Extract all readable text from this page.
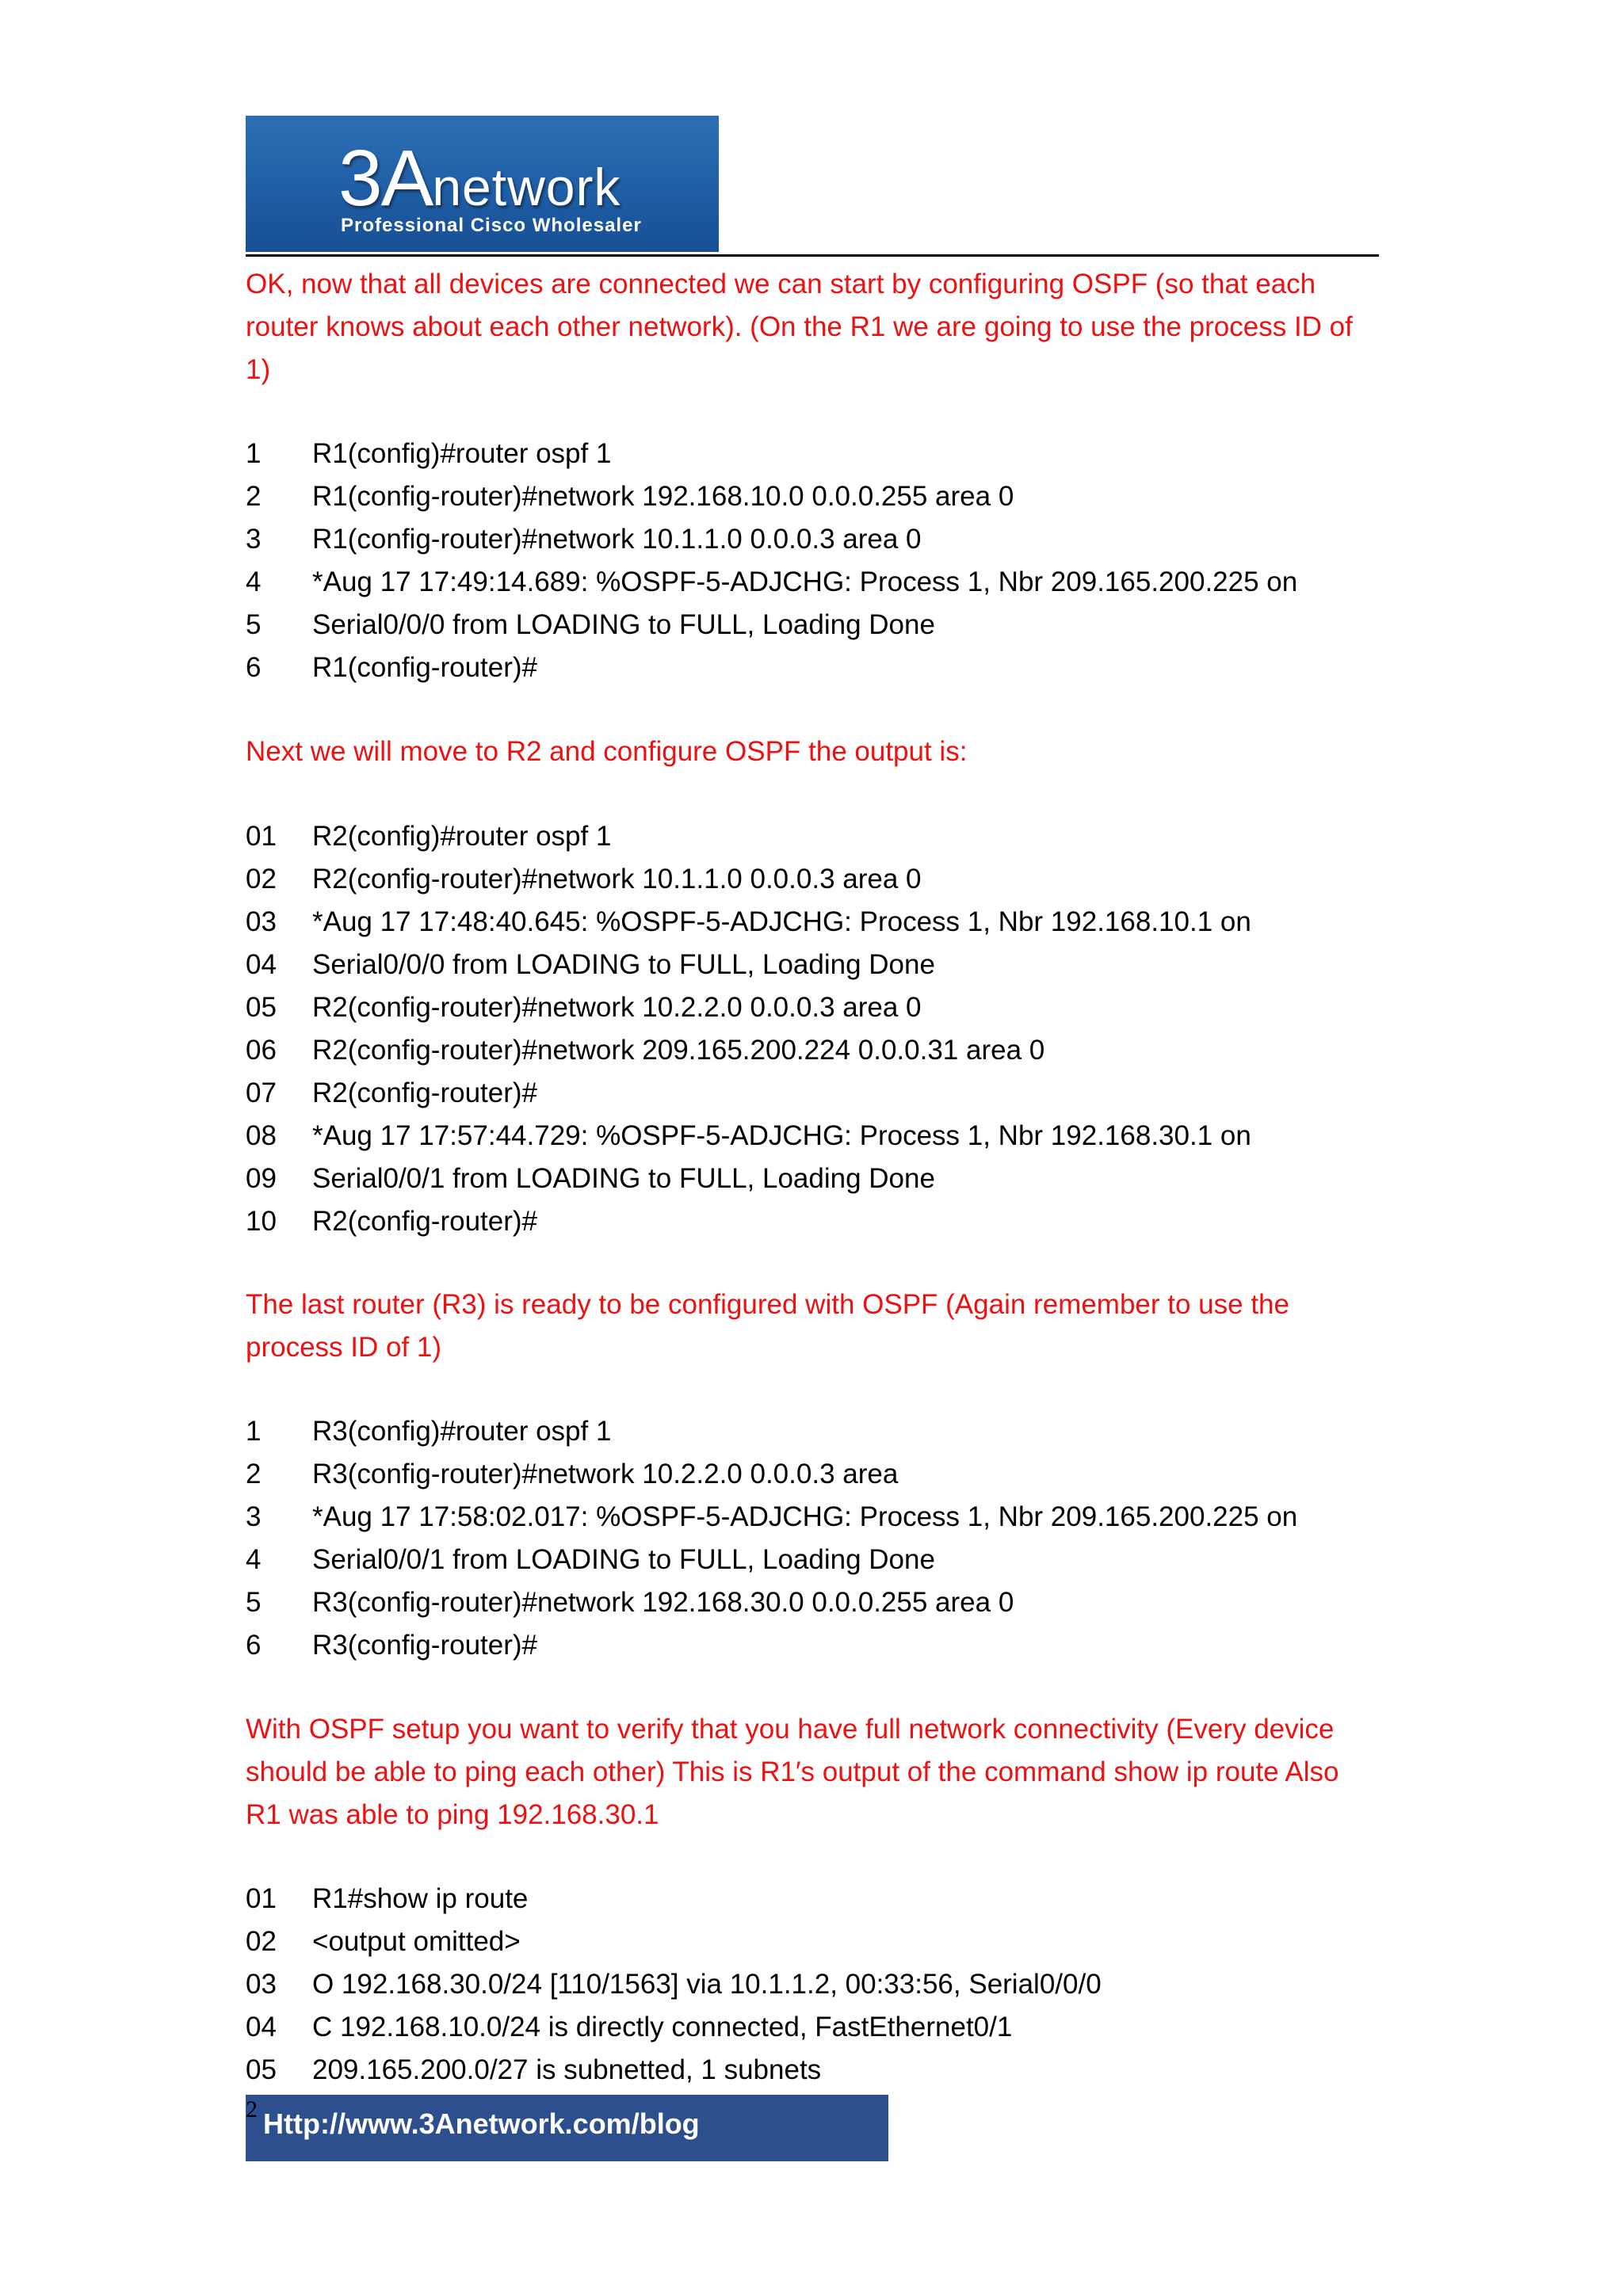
3Anetwork
Professional Cisco Wholesaler

OK, now that all devices are connected we can start by configuring OSPF (so that each router knows about each other network). (On the R1 we are going to use the process ID of 1)

1 R1(config)#router ospf 1
2 R1(config-router)#network 192.168.10.0 0.0.0.255 area 0
3 R1(config-router)#network 10.1.1.0 0.0.0.3 area 0
4 *Aug 17 17:49:14.689: %OSPF-5-ADJCHG: Process 1, Nbr 209.165.200.225 on
5 Serial0/0/0 from LOADING to FULL, Loading Done
6 R1(config-router)#

Next we will move to R2 and configure OSPF the output is:

01 R2(config)#router ospf 1
02 R2(config-router)#network 10.1.1.0 0.0.0.3 area 0
03 *Aug 17 17:48:40.645: %OSPF-5-ADJCHG: Process 1, Nbr 192.168.10.1 on
04 Serial0/0/0 from LOADING to FULL, Loading Done
05 R2(config-router)#network 10.2.2.0 0.0.0.3 area 0
06 R2(config-router)#network 209.165.200.224 0.0.0.31 area 0
07 R2(config-router)#
08 *Aug 17 17:57:44.729: %OSPF-5-ADJCHG: Process 1, Nbr 192.168.30.1 on
09 Serial0/0/1 from LOADING to FULL, Loading Done
10 R2(config-router)#

The last router (R3) is ready to be configured with OSPF (Again remember to use the process ID of 1)

1 R3(config)#router ospf 1
2 R3(config-router)#network 10.2.2.0 0.0.0.3 area
3 *Aug 17 17:58:02.017: %OSPF-5-ADJCHG: Process 1, Nbr 209.165.200.225 on
4 Serial0/0/1 from LOADING to FULL, Loading Done
5 R3(config-router)#network 192.168.30.0 0.0.0.255 area 0
6 R3(config-router)#

With OSPF setup you want to verify that you have full network connectivity (Every device should be able to ping each other) This is R1′s output of the command show ip route Also R1 was able to ping 192.168.30.1

01 R1#show ip route
02 <output omitted>
03 O 192.168.30.0/24 [110/1563] via 10.1.1.2, 00:33:56, Serial0/0/0
04 C 192.168.10.0/24 is directly connected, FastEthernet0/1
05 209.165.200.0/27 is subnetted, 1 subnets
Http://www.3Anetwork.com/blog
2
